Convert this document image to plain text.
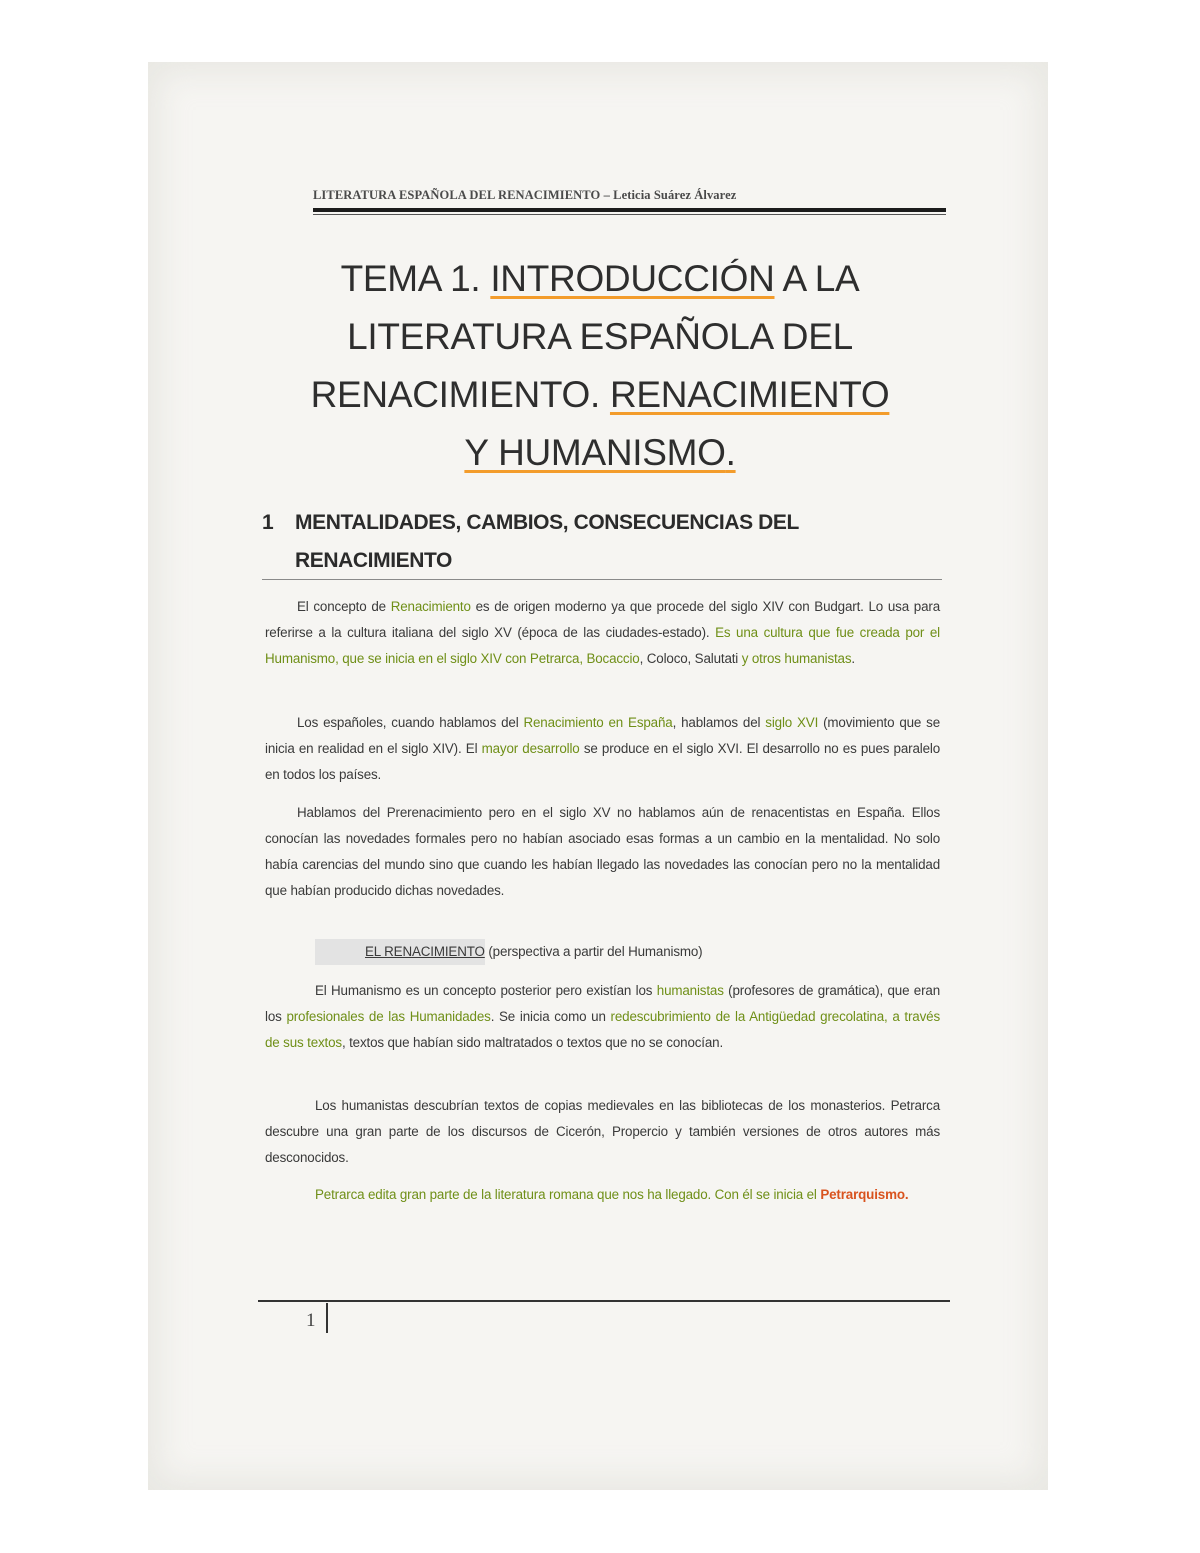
LITERATURA ESPAÑOLA DEL RENACIMIENTO – Leticia Suárez Álvarez
TEMA 1. INTRODUCCIÓN A LA LITERATURA ESPAÑOLA DEL RENACIMIENTO. RENACIMIENTO Y HUMANISMO.
1 MENTALIDADES, CAMBIOS, CONSECUENCIAS DEL RENACIMIENTO

El concepto de Renacimiento es de origen moderno ya que procede del siglo XIV con Budgart. Lo usa para referirse a la cultura italiana del siglo XV (época de las ciudades-estado). Es una cultura que fue creada por el Humanismo, que se inicia en el siglo XIV con Petrarca, Bocaccio, Coloco, Salutati y otros humanistas.

Los españoles, cuando hablamos del Renacimiento en España, hablamos del siglo XVI (movimiento que se inicia en realidad en el siglo XIV). El mayor desarrollo se produce en el siglo XVI. El desarrollo no es pues paralelo en todos los países.

Hablamos del Prerenacimiento pero en el siglo XV no hablamos aún de renacentistas en España. Ellos conocían las novedades formales pero no habían asociado esas formas a un cambio en la mentalidad. No solo había carencias del mundo sino que cuando les habían llegado las novedades las conocían pero no la mentalidad que habían producido dichas novedades.

EL RENACIMIENTO (perspectiva a partir del Humanismo)

El Humanismo es un concepto posterior pero existían los humanistas (profesores de gramática), que eran los profesionales de las Humanidades. Se inicia como un redescubrimiento de la Antigüedad grecolatina, a través de sus textos, textos que habían sido maltratados o textos que no se conocían.

Los humanistas descubrían textos de copias medievales en las bibliotecas de los monasterios. Petrarca descubre una gran parte de los discursos de Cicerón, Propercio y también versiones de otros autores más desconocidos.

Petrarca edita gran parte de la literatura romana que nos ha llegado. Con él se inicia el Petrarquismo.

1
